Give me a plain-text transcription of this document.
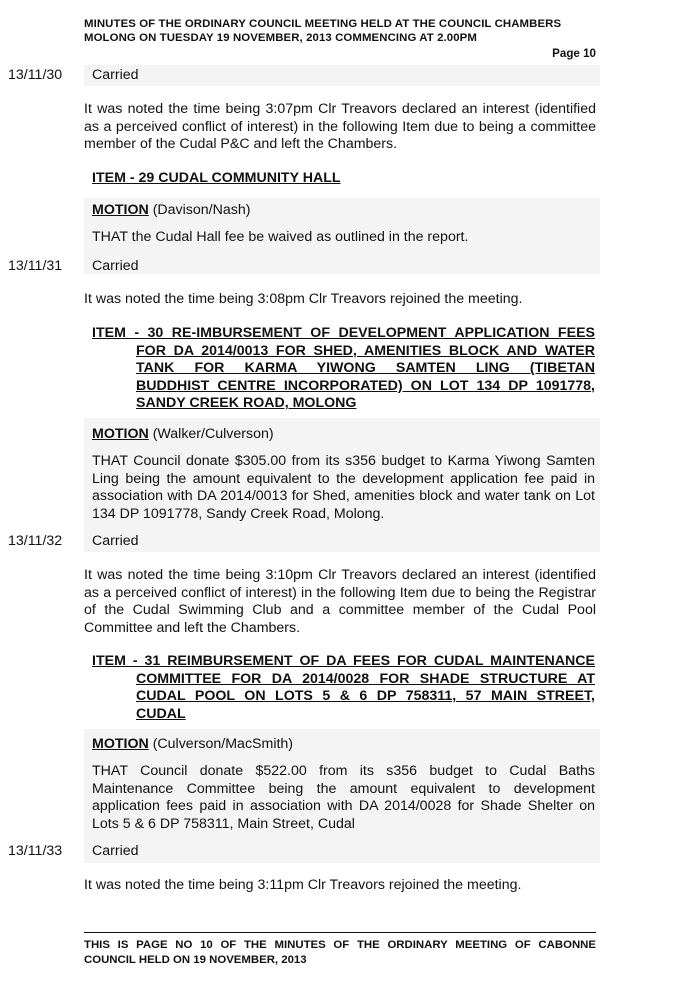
MINUTES OF THE ORDINARY COUNCIL MEETING HELD AT THE COUNCIL CHAMBERS
MOLONG ON TUESDAY 19 NOVEMBER, 2013 COMMENCING AT 2.00PM
Page 10
13/11/30 Carried
It was noted the time being 3:07pm Clr Treavors declared an interest (identified as a perceived conflict of interest) in the following Item due to being a committee member of the Cudal P&C and left the Chambers.
ITEM - 29 CUDAL COMMUNITY HALL
MOTION (Davison/Nash)
THAT the Cudal Hall fee be waived as outlined in the report.
13/11/31 Carried
It was noted the time being 3:08pm Clr Treavors rejoined the meeting.
ITEM - 30 RE-IMBURSEMENT OF DEVELOPMENT APPLICATION FEES
FOR DA 2014/0013 FOR SHED, AMENITIES BLOCK AND WATER
TANK FOR KARMA YIWONG SAMTEN LING (TIBETAN
BUDDHIST CENTRE INCORPORATED) ON LOT 134 DP 1091778,
SANDY CREEK ROAD, MOLONG
MOTION (Walker/Culverson)
THAT Council donate $305.00 from its s356 budget to Karma Yiwong Samten Ling being the amount equivalent to the development application fee paid in association with DA 2014/0013 for Shed, amenities block and water tank on Lot 134 DP 1091778, Sandy Creek Road, Molong.
13/11/32 Carried
It was noted the time being 3:10pm Clr Treavors declared an interest (identified as a perceived conflict of interest) in the following Item due to being the Registrar of the Cudal Swimming Club and a committee member of the Cudal Pool Committee and left the Chambers.
ITEM - 31 REIMBURSEMENT OF DA FEES FOR CUDAL MAINTENANCE
COMMITTEE FOR DA 2014/0028 FOR SHADE STRUCTURE AT
CUDAL POOL ON LOTS 5 & 6 DP 758311, 57 MAIN STREET,
CUDAL
MOTION (Culverson/MacSmith)
THAT Council donate $522.00 from its s356 budget to Cudal Baths Maintenance Committee being the amount equivalent to development application fees paid in association with DA 2014/0028 for Shade Shelter on Lots 5 & 6 DP 758311, Main Street, Cudal
13/11/33 Carried
It was noted the time being 3:11pm Clr Treavors rejoined the meeting.
THIS IS PAGE NO 10 OF THE MINUTES OF THE ORDINARY MEETING OF CABONNE
COUNCIL HELD ON 19 NOVEMBER, 2013
